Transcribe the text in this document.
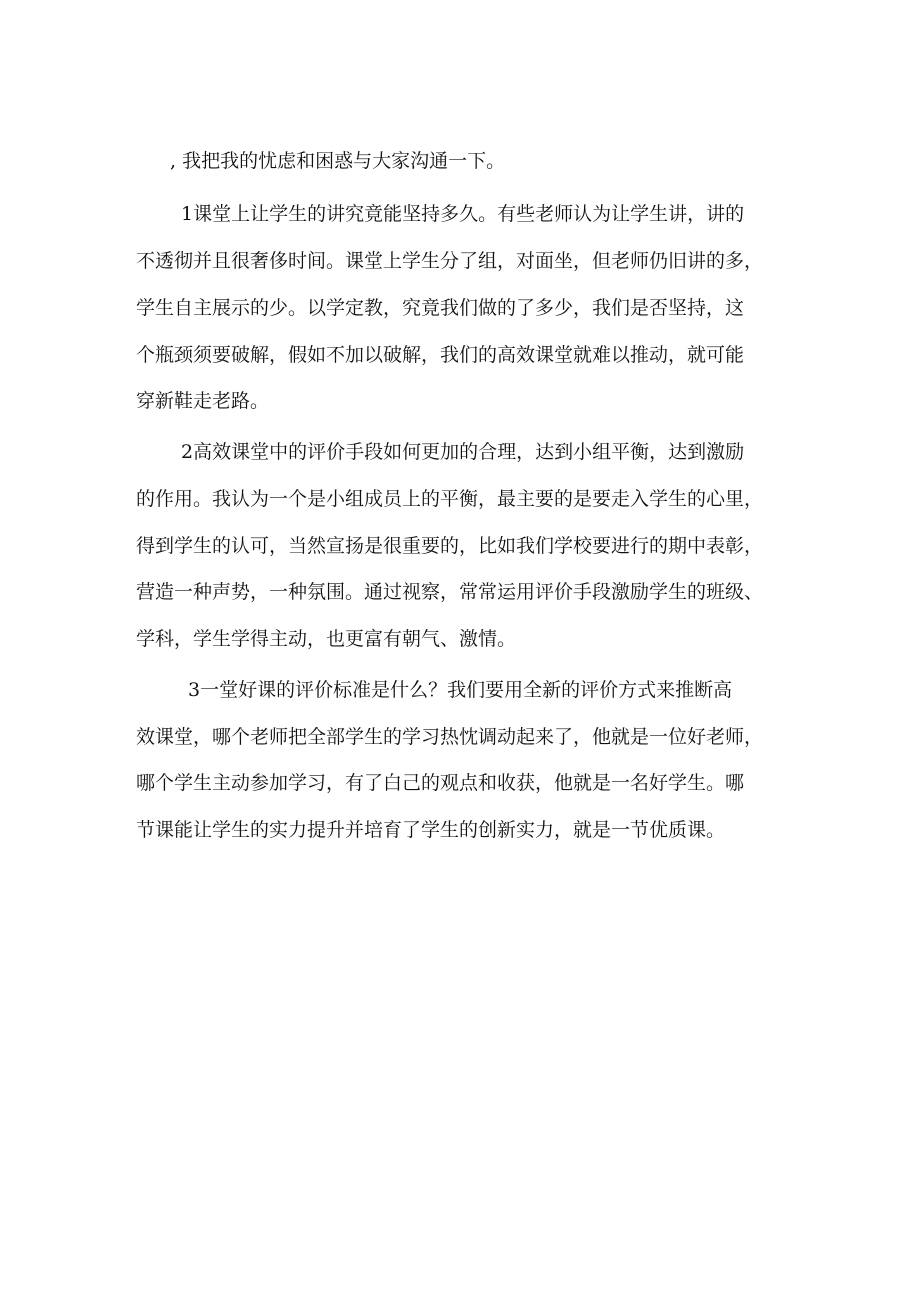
, 我把我的忧虑和困惑与大家沟通一下。

1课堂上让学生的讲究竟能坚持多久。有些老师认为让学生讲，讲的

不透彻并且很奢侈时间。课堂上学生分了组，对面坐，但老师仍旧讲的多，

学生自主展示的少。以学定教，究竟我们做的了多少，我们是否坚持，这

个瓶颈须要破解，假如不加以破解，我们的高效课堂就难以推动，就可能

穿新鞋走老路。

2高效课堂中的评价手段如何更加的合理，达到小组平衡，达到激励

的作用。我认为一个是小组成员上的平衡，最主要的是要走入学生的心里，

得到学生的认可，当然宣扬是很重要的，比如我们学校要进行的期中表彰，

营造一种声势，一种氛围。通过视察，常常运用评价手段激励学生的班级、

学科，学生学得主动，也更富有朝气、激情。

3一堂好课的评价标准是什么？我们要用全新的评价方式来推断高

效课堂，哪个老师把全部学生的学习热忱调动起来了，他就是一位好老师，

哪个学生主动参加学习，有了白己的观点和收获，他就是一名好学生。哪

节课能让学生的实力提升并培育了学生的创新实力，就是一节优质课。
